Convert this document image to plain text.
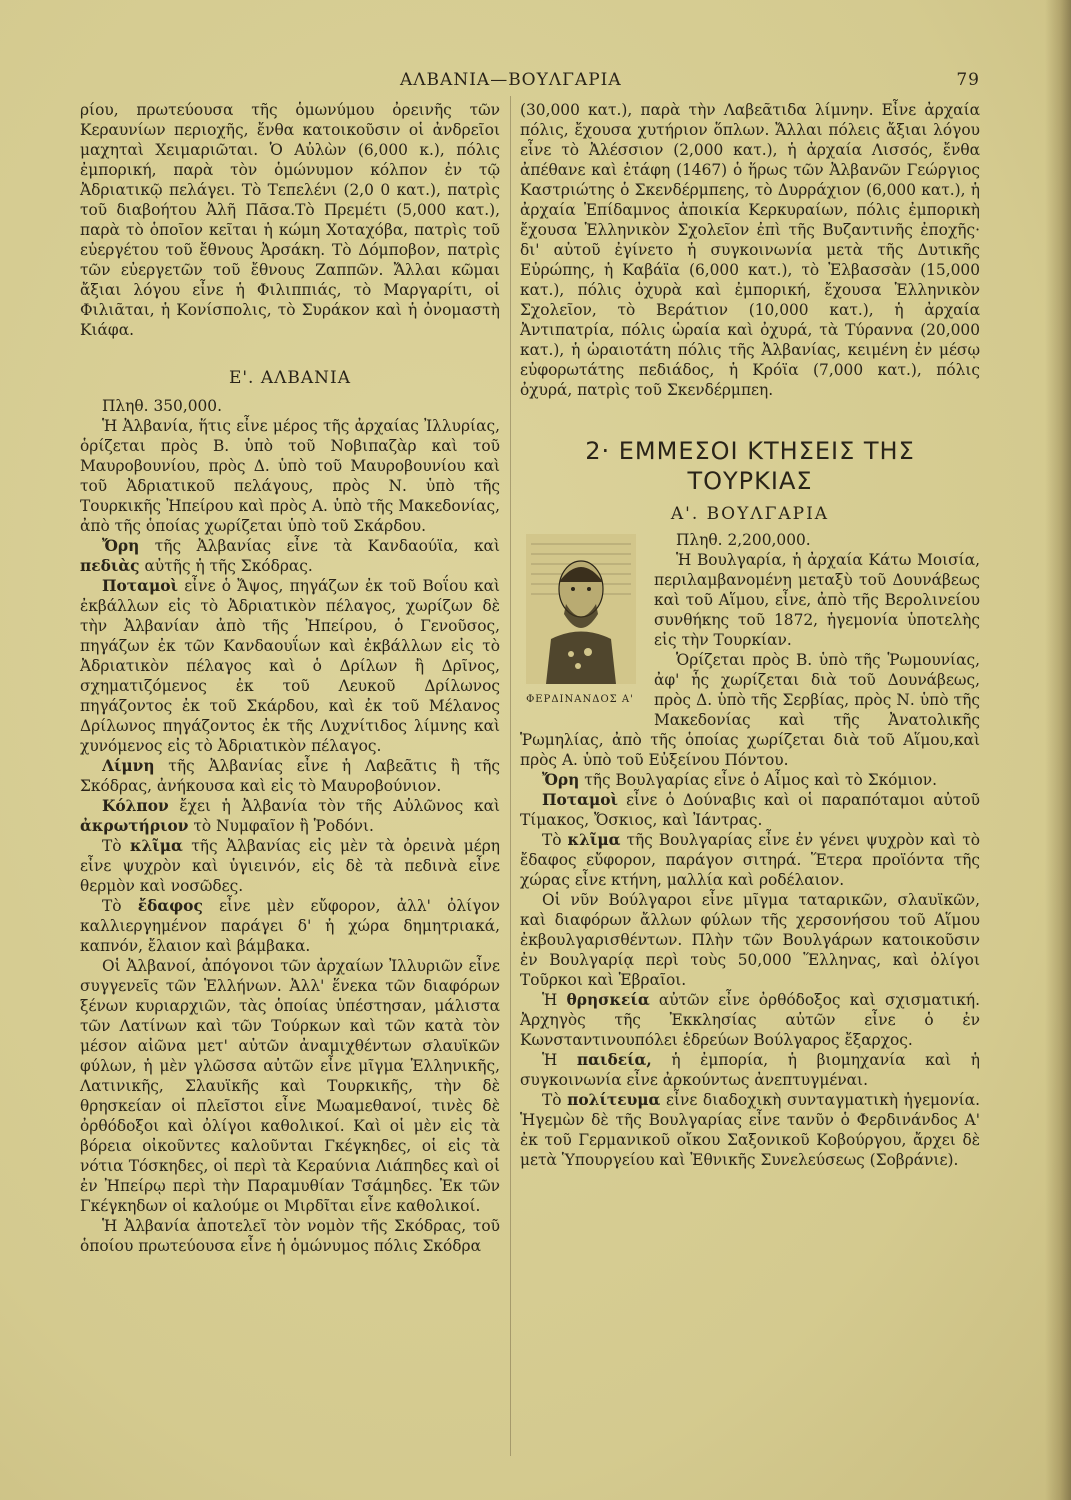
ΑΛΒΑΝΙΑ—ΒΟΥΛΓΑΡΙΑ	79

ρίου, πρωτεύουσα τῆς ὁμωνύμου ὀρεινῆς τῶν Κεραυνίων περιοχῆς, ἔνθα κατοικοῦσιν οἱ ἀνδρεῖοι μαχηταὶ Χειμαριῶται. Ὁ Αὐλὼν (6,000 κ.), πόλις ἐμπορική, παρὰ τὸν ὁμώνυμον κόλπον ἐν τῷ Ἀδριατικῷ πελάγει. Τὸ Τεπελένι (2,0 0 κατ.), πατρὶς τοῦ διαβοήτου Ἀλῆ Πᾶσα.Τὸ Πρεμέτι (5,000 κατ.), παρὰ τὸ ὁποῖον κεῖται ἡ κώμη Χοταχόβα, πατρὶς τοῦ εὐεργέτου τοῦ ἔθνους Ἀρσάκη. Τὸ Δόμποβον, πατρὶς τῶν εὐεργετῶν τοῦ ἔθνους Ζαππῶν. Ἄλλαι κῶμαι ἄξιαι λόγου εἶνε ἡ Φιλιππιάς, τὸ Μαργαρίτι, οἱ Φιλιᾶται, ἡ Κονίσπολις, τὸ Συράκον καὶ ἡ ὀνομαστὴ Κιάφα.

Ε'. ΑΛΒΑΝΙΑ

Πληθ. 350,000.

Ἡ Ἀλβανία, ἥτις εἶνε μέρος τῆς ἀρχαίας Ἰλλυρίας, ὁρίζεται πρὸς Β. ὑπὸ τοῦ Νοβιπαζὰρ καὶ τοῦ Μαυροβουνίου, πρὸς Δ. ὑπὸ τοῦ Μαυροβουνίου καὶ τοῦ Ἀδριατικοῦ πελάγους, πρὸς Ν. ὑπὸ τῆς Τουρκικῆς Ἠπείρου καὶ πρὸς Α. ὑπὸ τῆς Μακεδονίας, ἀπὸ τῆς ὁποίας χωρίζεται ὑπὸ τοῦ Σκάρδου.

Ὄρη τῆς Ἀλβανίας εἶνε τὰ Κανδαούϊα, καὶ πεδιὰς αὐτῆς ἡ τῆς Σκόδρας.

Ποταμοὶ εἶνε ὁ Ἄψος, πηγάζων ἐκ τοῦ Βοΐου καὶ ἐκβάλλων εἰς τὸ Ἀδριατικὸν πέλαγος, χωρίζων δὲ τὴν Ἀλβανίαν ἀπὸ τῆς Ἠπείρου, ὁ Γενοῦσος, πηγάζων ἐκ τῶν Κανδαουΐων καὶ ἐκβάλλων εἰς τὸ Ἀδριατικὸν πέλαγος καὶ ὁ Δρίλων ἢ Δρῖνος, σχηματιζόμενος ἐκ τοῦ Λευκοῦ Δρίλωνος πηγάζοντος ἐκ τοῦ Σκάρδου, καὶ ἐκ τοῦ Μέλανος Δρίλωνος πηγάζοντος ἐκ τῆς Λυχνίτιδος λίμνης καὶ χυνόμενος εἰς τὸ Ἀδριατικὸν πέλαγος.

Λίμνη τῆς Ἀλβανίας εἶνε ἡ Λαβεᾶτις ἢ τῆς Σκόδρας, ἀνήκουσα καὶ εἰς τὸ Μαυροβούνιον.

Κόλπον ἔχει ἡ Ἀλβανία τὸν τῆς Αὐλῶνος καὶ ἀκρωτήριον τὸ Νυμφαῖον ἢ Ῥοδόνι.

Τὸ κλῖμα τῆς Ἀλβανίας εἰς μὲν τὰ ὀρεινὰ μέρη εἶνε ψυχρὸν καὶ ὑγιεινόν, εἰς δὲ τὰ πεδινὰ εἶνε θερμὸν καὶ νοσῶδες.

Τὸ ἔδαφος εἶνε μὲν εὔφορον, ἀλλ' ὀλίγον καλλιεργημένον παράγει δ' ἡ χώρα δημητριακά, καπνόν, ἔλαιον καὶ βάμβακα.

Οἱ Ἀλβανοί, ἀπόγονοι τῶν ἀρχαίων Ἰλλυριῶν εἶνε συγγενεῖς τῶν Ἑλλήνων. Ἀλλ' ἕνεκα τῶν διαφόρων ξένων κυριαρχιῶν, τὰς ὁποίας ὑπέστησαν, μάλιστα τῶν Λατίνων καὶ τῶν Τούρκων καὶ τῶν κατὰ τὸν μέσον αἰῶνα μετ' αὐτῶν ἀναμιχθέντων σλαυϊκῶν φύλων, ἡ μὲν γλῶσσα αὐτῶν εἶνε μῖγμα Ἑλληνικῆς, Λατινικῆς, Σλαυϊκῆς καὶ Τουρκικῆς, τὴν δὲ θρησκείαν οἱ πλεῖστοι εἶνε Μωαμεθανοί, τινὲς δὲ ὀρθόδοξοι καὶ ὀλίγοι καθολικοί. Καὶ οἱ μὲν εἰς τὰ βόρεια οἰκοῦντες καλοῦνται Γκέγκηδες, οἱ εἰς τὰ νότια Τόσκηδες, οἱ περὶ τὰ Κεραύνια Λιάπηδες καὶ οἱ ἐν Ἠπείρῳ περὶ τὴν Παραμυθίαν Τσάμηδες. Ἐκ τῶν Γκέγκηδων οἱ καλούμε οι Μιρδῖται εἶνε καθολικοί.

Ἡ Ἀλβανία ἀποτελεῖ τὸν νομὸν τῆς Σκόδρας, τοῦ ὁποίου πρωτεύουσα εἶνε ἡ ὁμώνυμος πόλις Σκόδρα

(30,000 κατ.), παρὰ τὴν Λαβεᾶτιδα λίμνην. Εἶνε ἀρχαία πόλις, ἔχουσα χυτήριον ὅπλων. Ἄλλαι πόλεις ἄξιαι λόγου εἶνε τὸ Ἀλέσσιον (2,000 κατ.), ἡ ἀρχαία Λισσός, ἔνθα ἀπέθανε καὶ ἐτάφη (1467) ὁ ἥρως τῶν Ἀλβανῶν Γεώργιος Καστριώτης ὁ Σκενδέρμπεης, τὸ Δυρράχιον (6,000 κατ.), ἡ ἀρχαία Ἐπίδαμνος ἀποικία Κερκυραίων, πόλις ἐμπορικὴ ἔχουσα Ἑλληνικὸν Σχολεῖον ἐπὶ τῆς Βυζαντινῆς ἐποχῆς· δι' αὐτοῦ ἐγίνετο ἡ συγκοινωνία μετὰ τῆς Δυτικῆς Εὐρώπης, ἡ Καβάϊα (6,000 κατ.), τὸ Ἐλβασσὰν (15,000 κατ.), πόλις ὀχυρὰ καὶ ἐμπορική, ἔχουσα Ἑλληνικὸν Σχολεῖον, τὸ Βεράτιον (10,000 κατ.), ἡ ἀρχαία Ἀντιπατρία, πόλις ὡραία καὶ ὀχυρά, τὰ Τύραννα (20,000 κατ.), ἡ ὡραιοτάτη πόλις τῆς Ἀλβανίας, κειμένη ἐν μέσῳ εὐφορωτάτης πεδιάδος, ἡ Κρόϊα (7,000 κατ.), πόλις ὀχυρά, πατρὶς τοῦ Σκενδέρμπεη.

2· ΕΜΜΕΣΟΙ ΚΤΗΣΕΙΣ ΤΗΣ ΤΟΥΡΚΙΑΣ
Α'. ΒΟΥΛΓΑΡΙΑ
ΦΕΡΔΙΝΑΝΔΟΣ Α'

Πληθ. 2,200,000.

Ἡ Βουλγαρία, ἡ ἀρχαία Κάτω Μοισία, περιλαμβανομένη μεταξὺ τοῦ Δουνάβεως καὶ τοῦ Αἵμου, εἶνε, ἀπὸ τῆς Βερολινείου συνθήκης τοῦ 1872, ἡγεμονία ὑποτελὴς εἰς τὴν Τουρκίαν.

Ὁρίζεται πρὸς Β. ὑπὸ τῆς Ῥωμουνίας, ἀφ' ἧς χωρίζεται διὰ τοῦ Δουνάβεως, πρὸς Δ. ὑπὸ τῆς Σερβίας, πρὸς Ν. ὑπὸ τῆς Μακεδονίας καὶ τῆς Ἀνατολικῆς Ῥωμηλίας, ἀπὸ τῆς ὁποίας χωρίζεται διὰ τοῦ Αἵμου,καὶ πρὸς Α. ὑπὸ τοῦ Εὐξείνου Πόντου.

Ὄρη τῆς Βουλγαρίας εἶνε ὁ Αἷμος καὶ τὸ Σκόμιον.

Ποταμοὶ εἶνε ὁ Δούναβις καὶ οἱ παραπόταμοι αὐτοῦ Τίμακος, Ὄσκιος, καὶ Ἰάντρας.

Τὸ κλῖμα τῆς Βουλγαρίας εἶνε ἐν γένει ψυχρὸν καὶ τὸ ἔδαφος εὔφορον, παράγον σιτηρά. Ἕτερα προϊόντα τῆς χώρας εἶνε κτήνη, μαλλία καὶ ροδέλαιον.

Οἱ νῦν Βούλγαροι εἶνε μῖγμα ταταρικῶν, σλαυϊκῶν, καὶ διαφόρων ἄλλων φύλων τῆς χερσονήσου τοῦ Αἵμου ἐκβουλγαρισθέντων. Πλὴν τῶν Βουλγάρων κατοικοῦσιν ἐν Βουλγαρίᾳ περὶ τοὺς 50,000 Ἕλληνας, καὶ ὀλίγοι Τοῦρκοι καὶ Ἑβραῖοι.

Ἡ θρησκεία αὐτῶν εἶνε ὀρθόδοξος καὶ σχισματική. Ἀρχηγὸς τῆς Ἐκκλησίας αὐτῶν εἶνε ὁ ἐν Κωνσταντινουπόλει ἑδρεύων Βούλγαρος ἔξαρχος.

Ἡ παιδεία, ἡ ἐμπορία, ἡ βιομηχανία καὶ ἡ συγκοινωνία εἶνε ἀρκούντως ἀνεπτυγμέναι.

Τὸ πολίτευμα εἶνε διαδοχικὴ συνταγματικὴ ἡγεμονία. Ἡγεμὼν δὲ τῆς Βουλγαρίας εἶνε τανῦν ὁ Φερδινάνδος Α' ἐκ τοῦ Γερμανικοῦ οἴκου Σαξονικοῦ Κοβούργου, ἄρχει δὲ μετὰ Ὑπουργείου καὶ Ἐθνικῆς Συνελεύσεως (Σοβράνιε).
